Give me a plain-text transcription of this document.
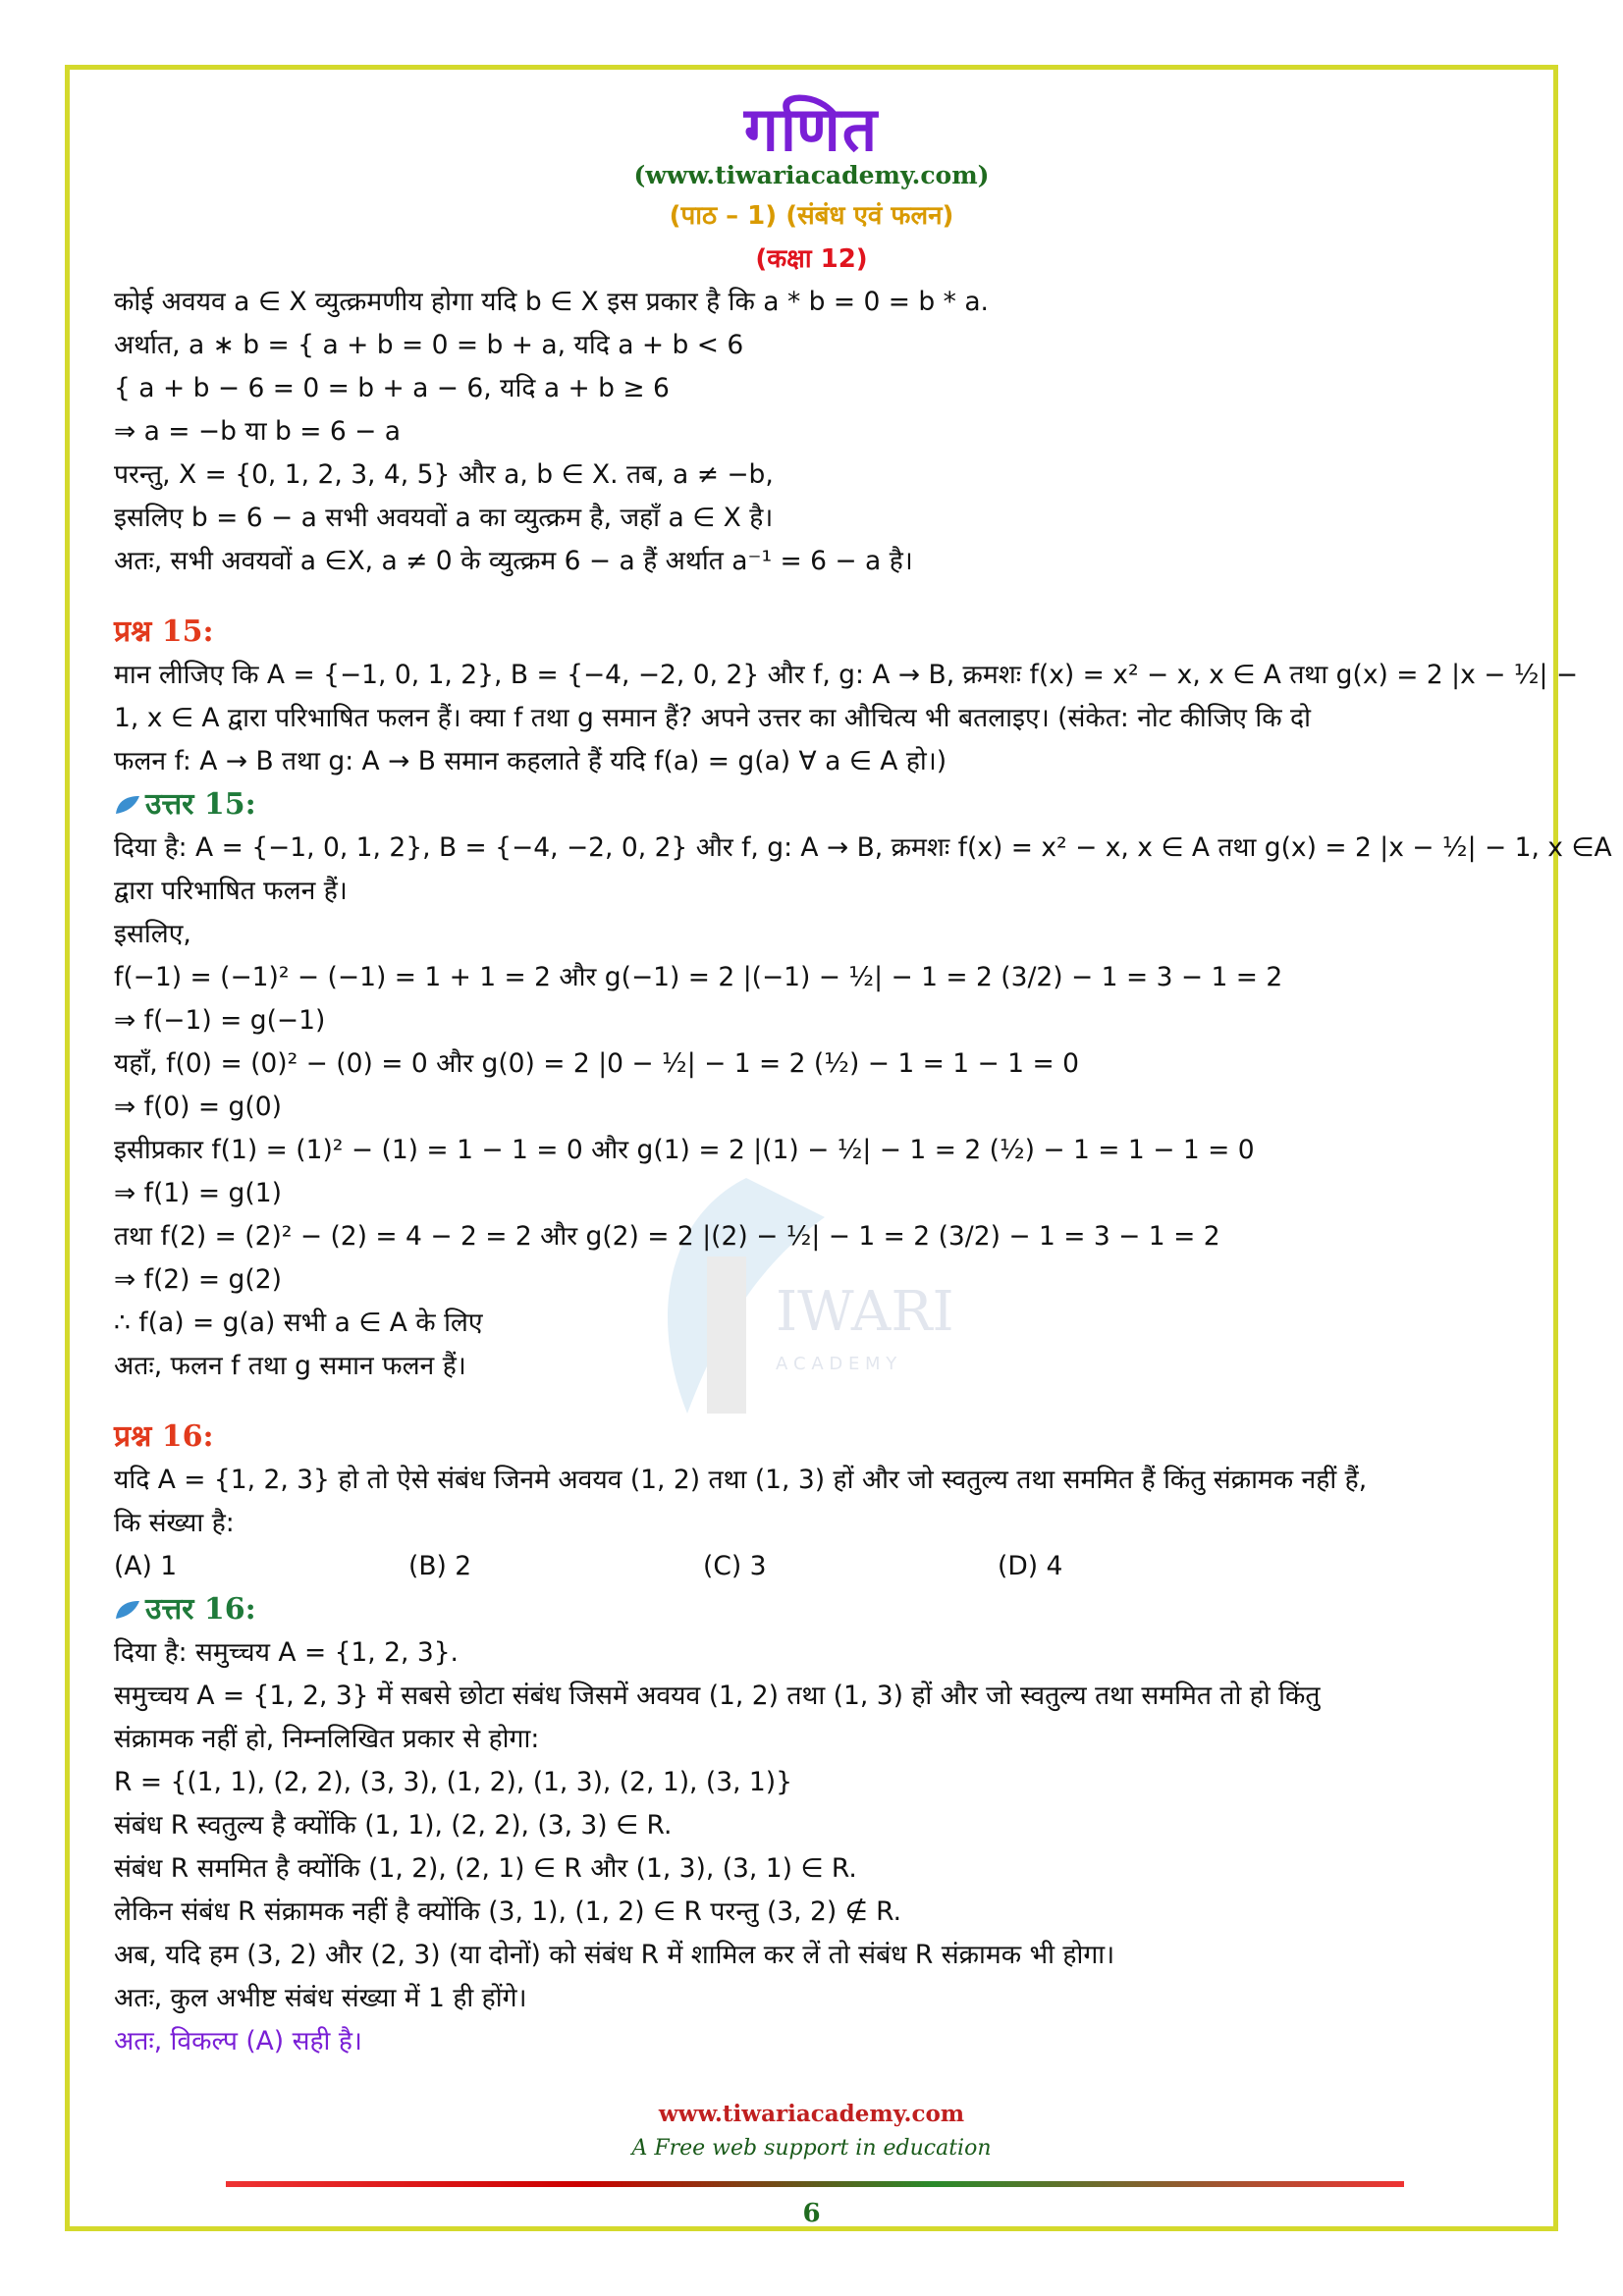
गणित
(www.tiwariacademy.com)
(पाठ – 1) (संबंध एवं फलन)
(कक्षा 12)
IWARI
A C A D E M Y

कोई अवयव a ∈ X व्युत्क्रमणीय होगा यदि b ∈ X इस प्रकार है कि a * b = 0 = b * a.

अर्थात, a ∗ b = { a + b = 0 = b + a, यदि a + b < 6

{ a + b − 6 = 0 = b + a − 6, यदि a + b ≥ 6

⇒ a = −b या b = 6 − a

परन्तु, X = {0, 1, 2, 3, 4, 5} और a, b ∈ X. तब, a ≠ −b,

इसलिए b = 6 − a सभी अवयवों a का व्युत्क्रम है, जहाँ a ∈ X है।

अतः, सभी अवयवों a ∈X, a ≠ 0 के व्युत्क्रम 6 − a हैं अर्थात a⁻¹ = 6 − a है।

प्रश्न 15:

मान लीजिए कि A = {−1, 0, 1, 2}, B = {−4, −2, 0, 2} और f, g: A → B, क्रमशः f(x) = x² − x, x ∈ A तथा g(x) = 2 |x − ½| −

1, x ∈ A द्वारा परिभाषित फलन हैं। क्या f तथा g समान हैं? अपने उत्तर का औचित्य भी बतलाइए। (संकेत: नोट कीजिए कि दो

फलन f: A → B तथा g: A → B समान कहलाते हैं यदि f(a) = g(a) ∀ a ∈ A हो।)

उत्तर 15:

दिया है: A = {−1, 0, 1, 2}, B = {−4, −2, 0, 2} और f, g: A → B, क्रमशः f(x) = x² − x, x ∈ A तथा g(x) = 2 |x − ½| − 1, x ∈A

द्वारा परिभाषित फलन हैं।

इसलिए,

f(−1) = (−1)² − (−1) = 1 + 1 = 2 और g(−1) = 2 |(−1) − ½| − 1 = 2 (3/2) − 1 = 3 − 1 = 2

⇒ f(−1) = g(−1)

यहाँ, f(0) = (0)² − (0) = 0 और g(0) = 2 |0 − ½| − 1 = 2 (½) − 1 = 1 − 1 = 0

⇒ f(0) = g(0)

इसीप्रकार f(1) = (1)² − (1) = 1 − 1 = 0 और g(1) = 2 |(1) − ½| − 1 = 2 (½) − 1 = 1 − 1 = 0

⇒ f(1) = g(1)

तथा f(2) = (2)² − (2) = 4 − 2 = 2 और g(2) = 2 |(2) − ½| − 1 = 2 (3/2) − 1 = 3 − 1 = 2

⇒ f(2) = g(2)

∴ f(a) = g(a) सभी a ∈ A के लिए

अतः, फलन f तथा g समान फलन हैं।

प्रश्न 16:

यदि A = {1, 2, 3} हो तो ऐसे संबंध जिनमे अवयव (1, 2) तथा (1, 3) हों और जो स्वतुल्य तथा सममित हैं किंतु संक्रामक नहीं हैं,

कि संख्या है:

(A) 1	(B) 2	(C) 3	(D) 4

उत्तर 16:

दिया है: समुच्चय A = {1, 2, 3}.

समुच्चय A = {1, 2, 3} में सबसे छोटा संबंध जिसमें अवयव (1, 2) तथा (1, 3) हों और जो स्वतुल्य तथा सममित तो हो किंतु

संक्रामक नहीं हो, निम्नलिखित प्रकार से होगा:

R = {(1, 1), (2, 2), (3, 3), (1, 2), (1, 3), (2, 1), (3, 1)}

संबंध R स्वतुल्य है क्योंकि (1, 1), (2, 2), (3, 3) ∈ R.

संबंध R सममित है क्योंकि (1, 2), (2, 1) ∈ R और (1, 3), (3, 1) ∈ R.

लेकिन संबंध R संक्रामक नहीं है क्योंकि (3, 1), (1, 2) ∈ R परन्तु (3, 2) ∉ R.

अब, यदि हम (3, 2) और (2, 3) (या दोनों) को संबंध R में शामिल कर लें तो संबंध R संक्रामक भी होगा।

अतः, कुल अभीष्ट संबंध संख्या में 1 ही होंगे।

अतः, विकल्प (A) सही है।

www.tiwariacademy.com
A Free web support in education
6
